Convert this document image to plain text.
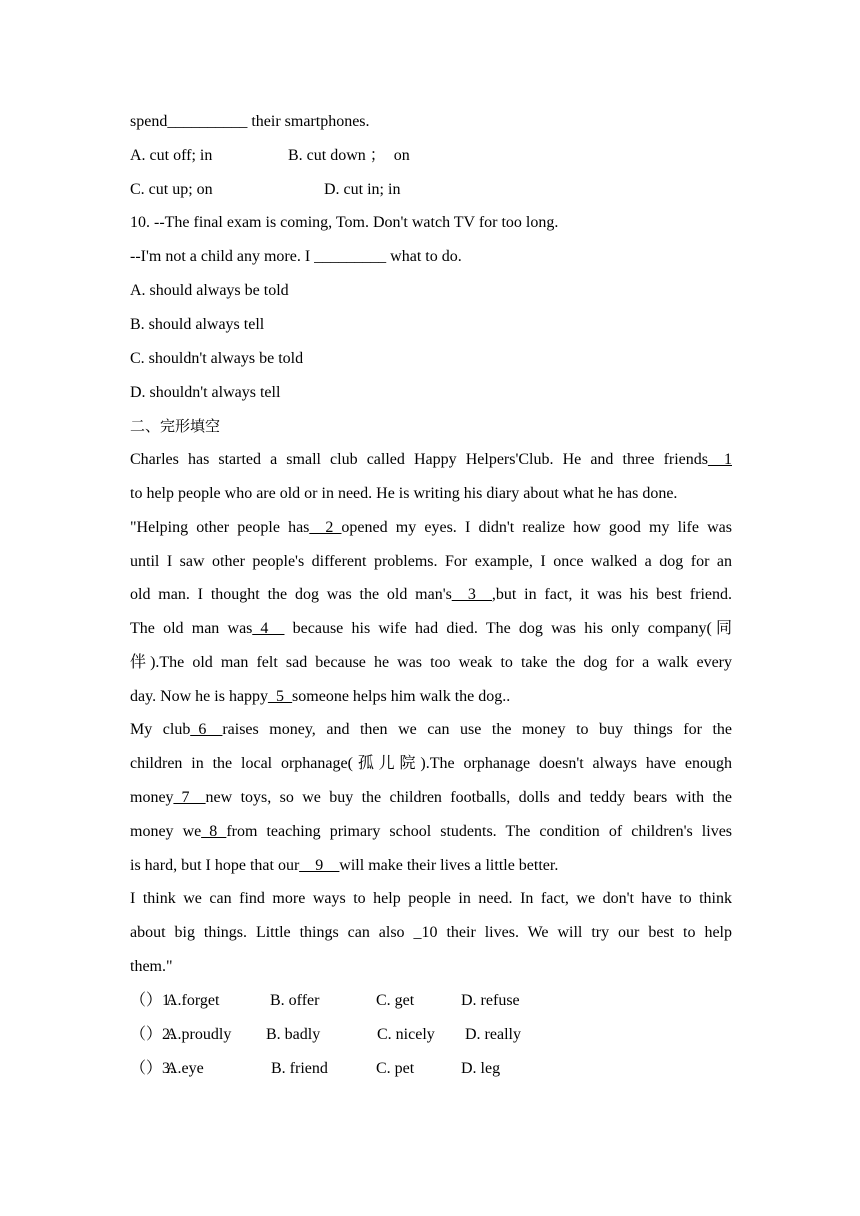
spend__________ their smartphones.
A. cut off; in	B. cut down ；  on
C. cut up; on	D. cut in; in
10. --The final exam is coming, Tom. Don't watch TV for too long.
--I'm not a child any more. I _________ what to do.
A. should always be told
B. should always tell
C. shouldn't always be told
D. shouldn't always tell
二、完形填空
Charles has started a small club called Happy Helpers'Club. He and three friends__1
to help people who are old or in need. He is writing his diary about what he has done.
"Helping other people has__2_opened my eyes. I didn't realize how good my life was
until I saw other people's different problems. For example, I once walked a dog for an
old man. I thought the dog was the old man's__3__,but in fact, it was his best friend.
The old man was_4__ because his wife had died. The dog was his only company(同
伴).The old man felt sad because he was too weak to take the dog for a walk every
day. Now he is happy_5_someone helps him walk the dog..
My club_6__raises money, and then we can use the money to buy things for the
children in the local orphanage(孤儿院).The orphanage doesn't always have enough
money_7__new toys, so we buy the children footballs, dolls and teddy bears with the
money we_8 from teaching primary school students. The condition of children's lives
is hard, but I hope that our__9__will make their lives a little better.
I think we can find more ways to help people in need. In fact, we don't have to think
about big things. Little things can also _10 their lives. We will try our best to help
them."
（）1.
A.forget	B. offer	C. get	D. refuse
（）2.
A.proudly B. badly	C. nicely D. really
（）3.
A.eye	B. friend	C. pet	D. leg
